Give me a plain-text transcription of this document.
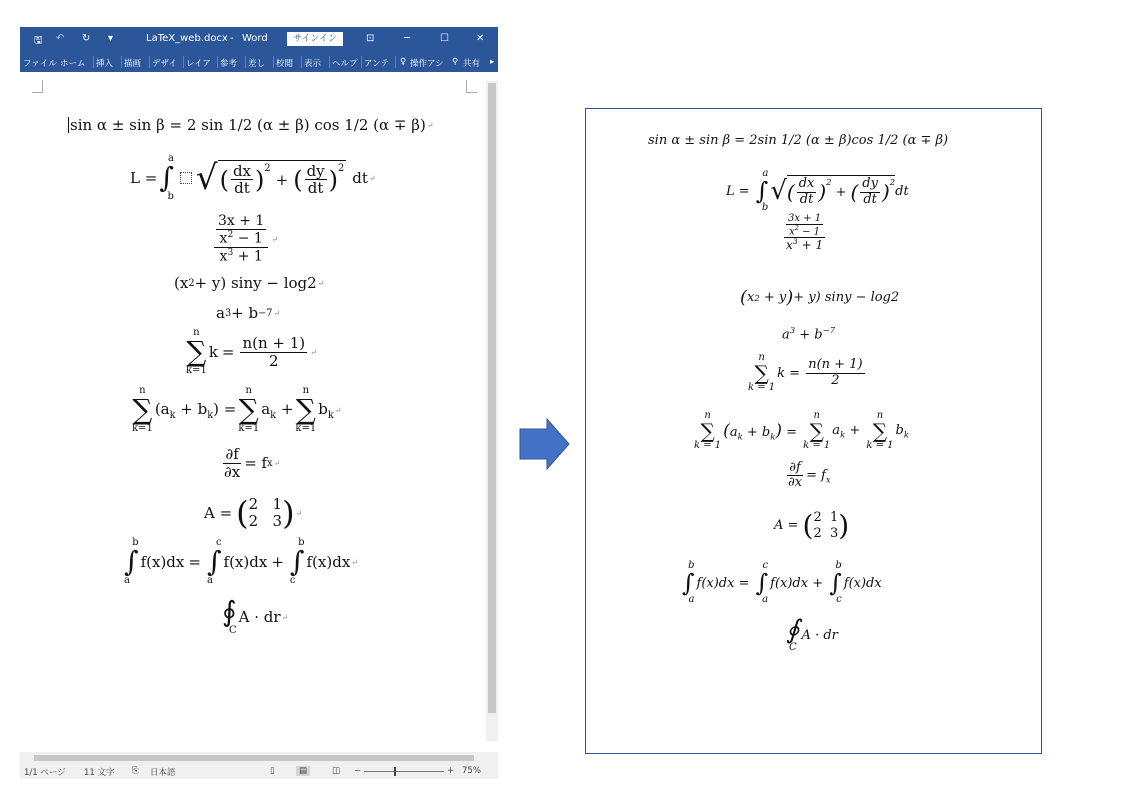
🖫 ↶ ↻ ▾	LaTeX_web.docx - Word	サインイン	⊡	─	☐	✕
ファイル ホーム 挿入 描画 デザイ レイア 参考 差し 校閲 表示 ヘルプ アンテ ♀ 操作アシ ⚲ 共有 ▸
sin α ± sin β = 2 sin 1/2 (α ± β) cos 1/2 (α ∓ β) ↵
L =
a
∫
b √ ( $\frac{dx}{dt}$ ) 2
+ ( $\frac{dy}{dt}$ ) 2
dt ↵
$\frac{\frac{3x + 1}{x^2 - 1}}{x^3 + 1}$ ↵
(x 2 + y) siny − log2 ↵
a 3 + b −7 ↵
n
∑
k=1
$k = \frac{n(n + 1)}{2}$ ↵
n
∑
k=1
$(a_k + b_k)$ =
n
∑
k=1
$a_k$ +
n
∑
k=1
$b_k$ ↵
$\frac{\partial f}{\partial x} = f$ x ↵
A = ( 2   1
2   3 ) ↵
b
∫
a
f(x)dx =
c
∫
a
f(x)dx +
b
∫
c
f(x)dx ↵
∮
C
A · dr ↵
1/1 ページ 11 文字 ⎘ 日本語	▯	▤	◫ −	+ 75%
sin α ± sin β = 2sin 1/2 (α ± β)cos 1/2 (α ∓ β)
L =
a
∫
b
√ ( $\frac{dx}{dt}$ ) 2
+ ( $\frac{dy}{dt}$ ) 2
dt
$\frac{\frac{3x + 1}{x^2 - 1}}{x^3 + 1}$
( x 2 + y ) + y) siny − log2
$a^3 + b^{-7}$
n
∑
k = 1
$k = \frac{n(n + 1)}{2}$
n
∑
k = 1
$(a_k + b_k)$ =
n
∑
k = 1
$a_k$ +
n
∑
k = 1
$b_k$
$\frac{\partial f}{\partial x} = f_x$
A = ( 2  1
2  3 )
b
∫
a
f(x)dx =
c
∫
a
f(x)dx +
b
∫
c
f(x)dx
∮
C
A · dr
